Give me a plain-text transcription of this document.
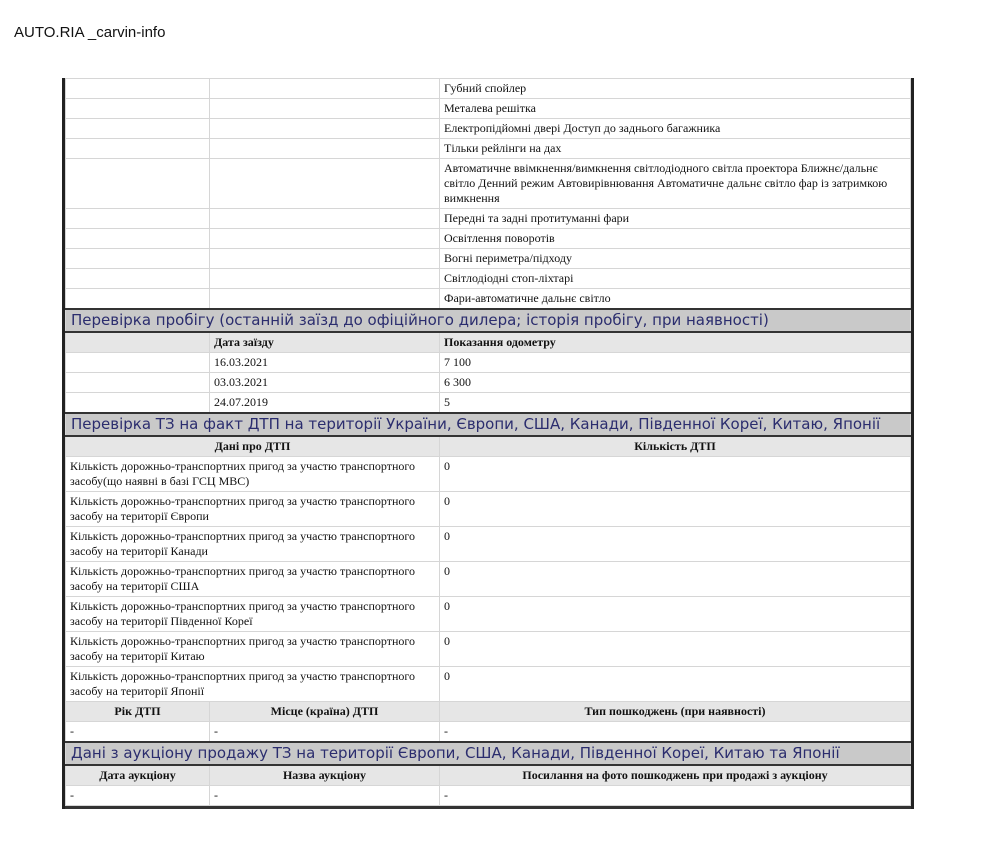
AUTO.RIA _carvin-info
		Губний спойлер
		Металева решітка
		Електропідйомні двері Доступ до заднього багажника
		Тільки рейлінги на дах
		Автоматичне ввімкнення/вимкнення світлодіодного світла проектора Ближнє/дальнє світло Денний режим Автовирівнювання Автоматичне дальнє світло фар із затримкою вимкнення
		Передні та задні протитуманні фари
		Освітлення поворотів
		Вогні периметра/підходу
		Світлодіодні стоп-ліхтарі
		Фари-автоматичне дальнє світло
Перевірка пробігу (останній заїзд до офіційного дилера; історія пробігу, при наявності)		
	Дата заїзду	Показання одометру
	16.03.2021	7 100
	03.03.2021	6 300
	24.07.2019	5
Перевірка ТЗ на факт ДТП на території України, Європи, США, Канади, Південної Кореї, Китаю, Японії		
Дані про ДТП		Кількість ДТП
Кількість дорожньо-транспортних пригод за участю транспортного засобу(що наявні в базі ГСЦ МВС)		0
Кількість дорожньо-транспортних пригод за участю транспортного засобу на території Європи		0
Кількість дорожньо-транспортних пригод за участю транспортного засобу на території Канади		0
Кількість дорожньо-транспортних пригод за участю транспортного засобу на території США		0
Кількість дорожньо-транспортних пригод за участю транспортного засобу на території Південної Кореї		0
Кількість дорожньо-транспортних пригод за участю транспортного засобу на території Китаю		0
Кількість дорожньо-транспортних пригод за участю транспортного засобу на території Японії		0
Рік ДТП	Місце (країна) ДТП	Тип пошкоджень (при наявності)
-	-	-
Дані з аукціону продажу ТЗ на території Європи, США, Канади, Південної Кореї, Китаю та Японії		
Дата аукціону	Назва аукціону	Посилання на фото пошкоджень при продажі з аукціону
-	-	-
